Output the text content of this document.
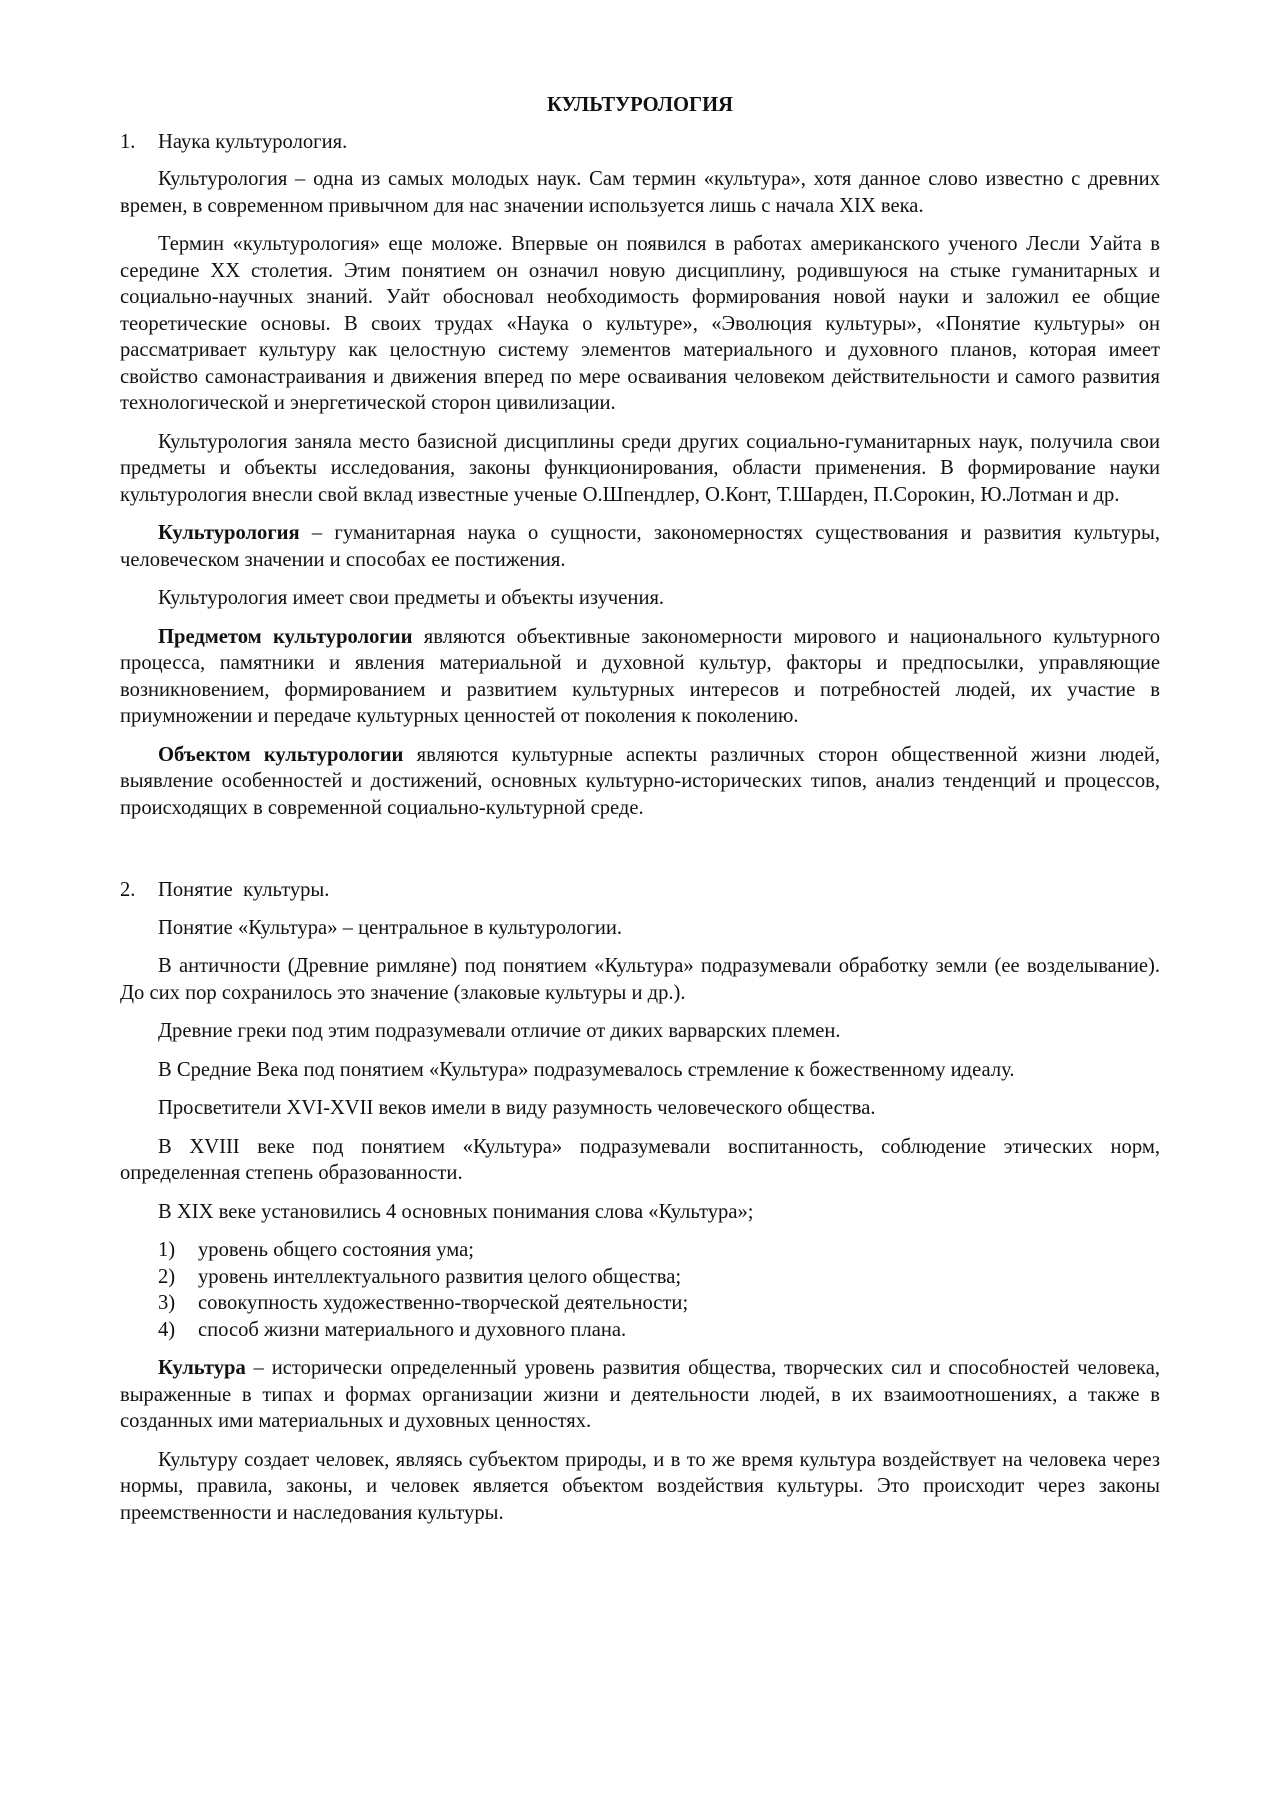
КУЛЬТУРОЛОГИЯ
1.	Наука культурология.

Культурология – одна из самых молодых наук. Сам термин «культура», хотя данное слово известно с древних времен, в современном привычном для нас значении используется лишь с начала XIX века.

Термин «культурология» еще моложе. Впервые он появился в работах американского ученого Лесли Уайта в середине XX столетия. Этим понятием он означил новую дисциплину, родившуюся на стыке гуманитарных и социально-научных знаний. Уайт обосновал необходимость формирования новой науки и заложил ее общие теоретические основы. В своих трудах «Наука о культуре», «Эволюция культуры», «Понятие культуры» он рассматривает культуру как целостную систему элементов материального и духовного планов, которая имеет свойство самонастраивания и движения вперед по мере осваивания человеком действительности и самого развития технологической и энергетической сторон цивилизации.

Культурология заняла место базисной дисциплины среди других социально-гуманитарных наук, получила свои предметы и объекты исследования, законы функционирования, области применения. В формирование науки культурология внесли свой вклад известные ученые О.Шпендлер, О.Конт, Т.Шарден, П.Сорокин, Ю.Лотман и др.

Культурология – гуманитарная наука о сущности, закономерностях существования и развития культуры, человеческом значении и способах ее постижения.

Культурология имеет свои предметы и объекты изучения.

Предметом культурологии являются объективные закономерности мирового и национального культурного процесса, памятники и явления материальной и духовной культур, факторы и предпосылки, управляющие возникновением, формированием и развитием культурных интересов и потребностей людей, их участие в приумножении и передаче культурных ценностей от поколения к поколению.

Объектом культурологии являются культурные аспекты различных сторон общественной жизни людей, выявление особенностей и достижений, основных культурно-исторических типов, анализ тенденций и процессов, происходящих в современной социально-культурной среде.

2.	Понятие  культуры.

Понятие «Культура» – центральное в культурологии.

В античности (Древние римляне) под понятием «Культура» подразумевали обработку земли (ее возделывание). До сих пор сохранилось это значение (злаковые культуры и др.).

Древние греки под этим подразумевали отличие от диких варварских племен.

В Средние Века под понятием «Культура» подразумевалось стремление к божественному идеалу.

Просветители XVI-XVII веков имели в виду разумность человеческого общества.

В XVIII веке под понятием «Культура» подразумевали воспитанность, соблюдение этических норм, определенная степень образованности.

В XIX веке установились 4 основных понимания слова «Культура»;

1)	уровень общего состояния ума;
2)	уровень интеллектуального развития целого общества;
3)	совокупность художественно-творческой деятельности;
4)	способ жизни материального и духовного плана.

Культура – исторически определенный уровень развития общества, творческих сил и способностей человека, выраженные в типах и формах организации жизни и деятельности людей, в их взаимоотношениях, а также в созданных ими материальных и духовных ценностях.

Культуру создает человек, являясь субъектом природы, и в то же время культура воздействует на человека через нормы, правила, законы, и человек является объектом воздействия культуры. Это происходит через законы преемственности и наследования культуры.
